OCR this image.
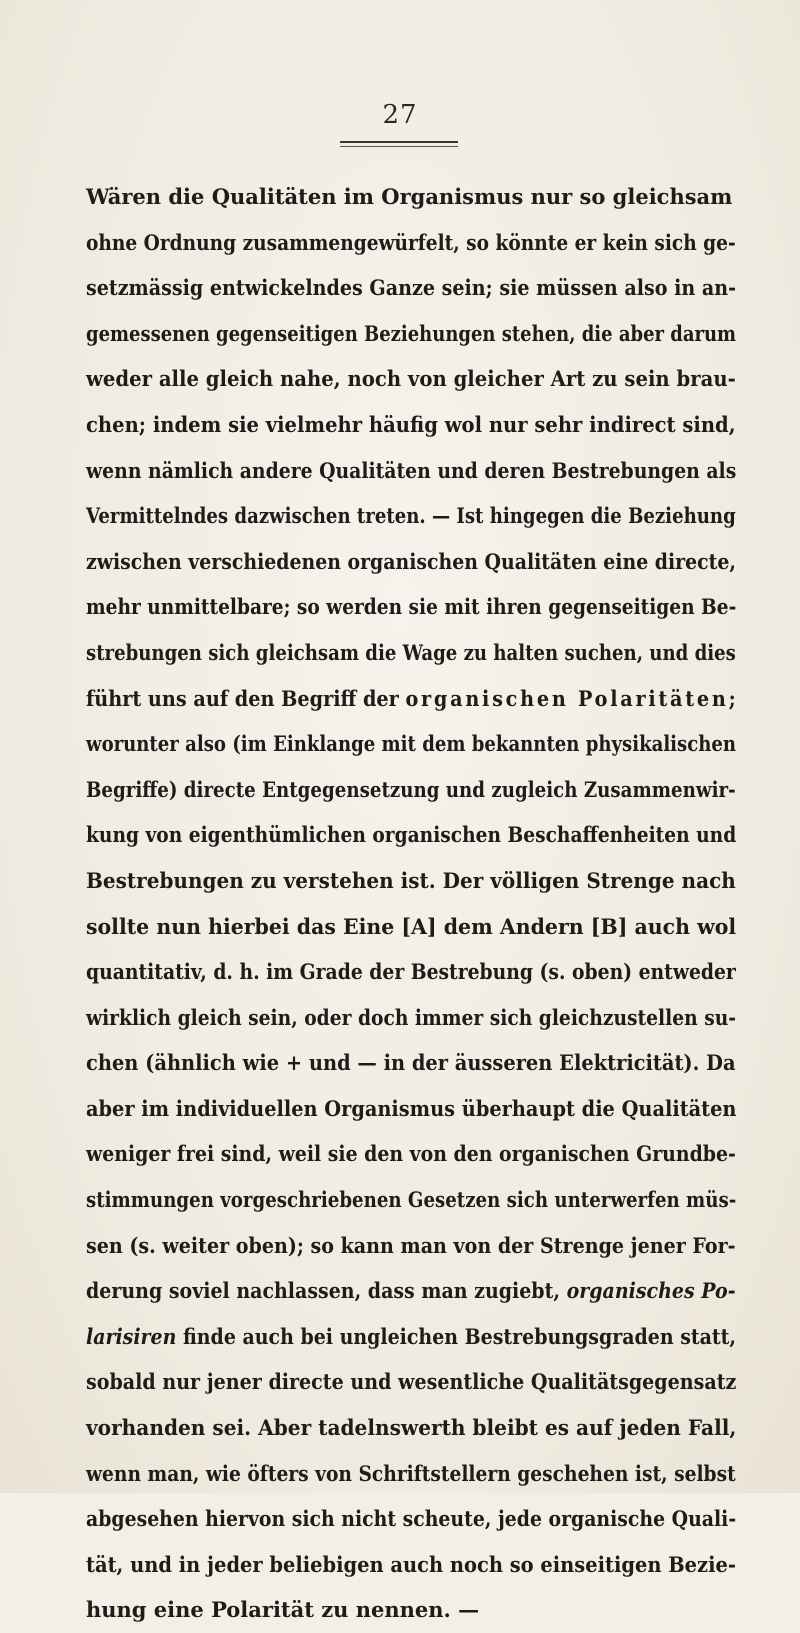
27
Wären die Qualitäten im Organismus nur so gleichsam
ohne Ordnung zusammengewürfelt, so könnte er kein sich ge-
setzmässig entwickelndes Ganze sein; sie müssen also in an-
gemessenen gegenseitigen Beziehungen stehen, die aber darum
weder alle gleich nahe, noch von gleicher Art zu sein brau-
chen; indem sie vielmehr häufig wol nur sehr indirect sind,
wenn nämlich andere Qualitäten und deren Bestrebungen als
Vermittelndes dazwischen treten. — Ist hingegen die Beziehung
zwischen verschiedenen organischen Qualitäten eine directe,
mehr unmittelbare; so werden sie mit ihren gegenseitigen Be-
strebungen sich gleichsam die Wage zu halten suchen, und dies
führt uns auf den Begriff der organischen Polaritäten;
worunter also (im Einklange mit dem bekannten physikalischen
Begriffe) directe Entgegensetzung und zugleich Zusammenwir-
kung von eigenthümlichen organischen Beschaffenheiten und
Bestrebungen zu verstehen ist. Der völligen Strenge nach
sollte nun hierbei das Eine [A] dem Andern [B] auch wol
quantitativ, d. h. im Grade der Bestrebung (s. oben) entweder
wirklich gleich sein, oder doch immer sich gleichzustellen su-
chen (ähnlich wie + und — in der äusseren Elektricität). Da
aber im individuellen Organismus überhaupt die Qualitäten
weniger frei sind, weil sie den von den organischen Grundbe-
stimmungen vorgeschriebenen Gesetzen sich unterwerfen müs-
sen (s. weiter oben); so kann man von der Strenge jener For-
derung soviel nachlassen, dass man zugiebt, organisches Po-
larisiren finde auch bei ungleichen Bestrebungsgraden statt,
sobald nur jener directe und wesentliche Qualitätsgegensatz
vorhanden sei. Aber tadelnswerth bleibt es auf jeden Fall,
wenn man, wie öfters von Schriftstellern geschehen ist, selbst
abgesehen hiervon sich nicht scheute, jede organische Quali-
tät, und in jeder beliebigen auch noch so einseitigen Bezie-
hung eine Polarität zu nennen. —
